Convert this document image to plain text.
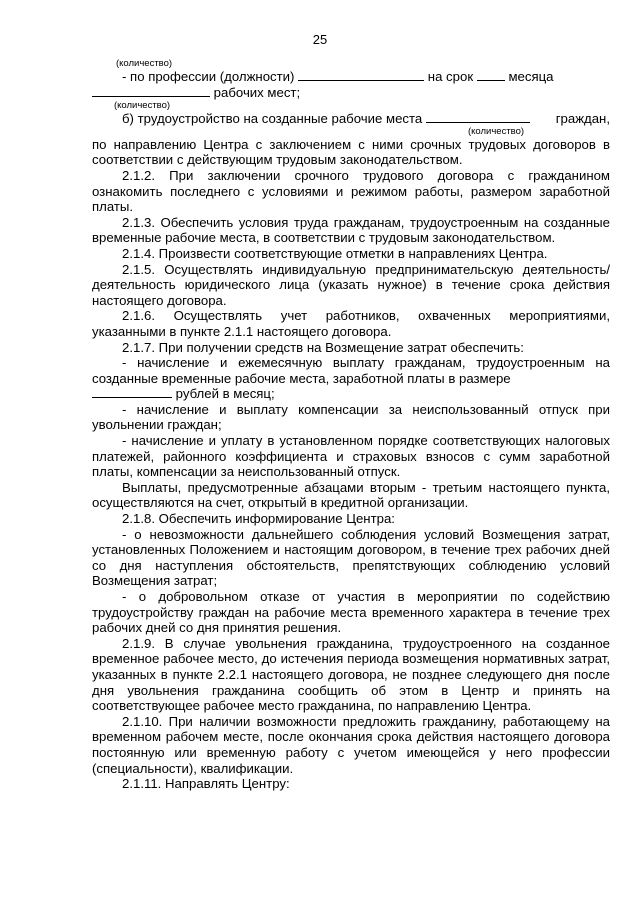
25
(количество)
- по профессии (должности)	на срок	месяца
рабочих мест;
(количество)
б) трудоустройство на созданные рабочие места	граждан,
(количество)

по направлению Центра с заключением с ними срочных трудовых договоров в соответствии с действующим трудовым законодательством.

2.1.2. При заключении срочного трудового договора с гражданином ознакомить последнего с условиями и режимом работы, размером заработной платы.

2.1.3. Обеспечить условия труда гражданам, трудоустроенным на созданные временные рабочие места, в соответствии с трудовым законодательством.

2.1.4. Произвести соответствующие отметки в направлениях Центра.

2.1.5. Осуществлять индивидуальную предпринимательскую деятельность/деятельность юридического лица (указать нужное) в течение срока действия настоящего договора.

2.1.6. Осуществлять учет работников, охваченных мероприятиями, указанными в пункте 2.1.1 настоящего договора.

2.1.7. При получении средств на Возмещение затрат обеспечить:

- начисление и ежемесячную выплату гражданам, трудоустроенным на созданные временные рабочие места, заработной платы в размере

рублей в месяц;

- начисление и выплату компенсации за неиспользованный отпуск при увольнении граждан;

- начисление и уплату в установленном порядке соответствующих налоговых платежей, районного коэффициента и страховых взносов с сумм заработной платы, компенсации за неиспользованный отпуск.

Выплаты, предусмотренные абзацами вторым - третьим настоящего пункта, осуществляются на счет, открытый в кредитной организации.

2.1.8. Обеспечить информирование Центра:

- о невозможности дальнейшего соблюдения условий Возмещения затрат, установленных Положением и настоящим договором, в течение трех рабочих дней со дня наступления обстоятельств, препятствующих соблюдению условий Возмещения затрат;

- о добровольном отказе от участия в мероприятии по содействию трудоустройству граждан на рабочие места временного характера в течение трех рабочих дней со дня принятия решения.

2.1.9. В случае увольнения гражданина, трудоустроенного на созданное временное рабочее место, до истечения периода возмещения нормативных затрат, указанных в пункте 2.2.1 настоящего договора, не позднее следующего дня после дня увольнения гражданина сообщить об этом в Центр и принять на соответствующее рабочее место гражданина, по направлению Центра.

2.1.10. При наличии возможности предложить гражданину, работающему на временном рабочем месте, после окончания срока действия настоящего договора постоянную или временную работу с учетом имеющейся у него профессии (специальности), квалификации.

2.1.11. Направлять Центру:
